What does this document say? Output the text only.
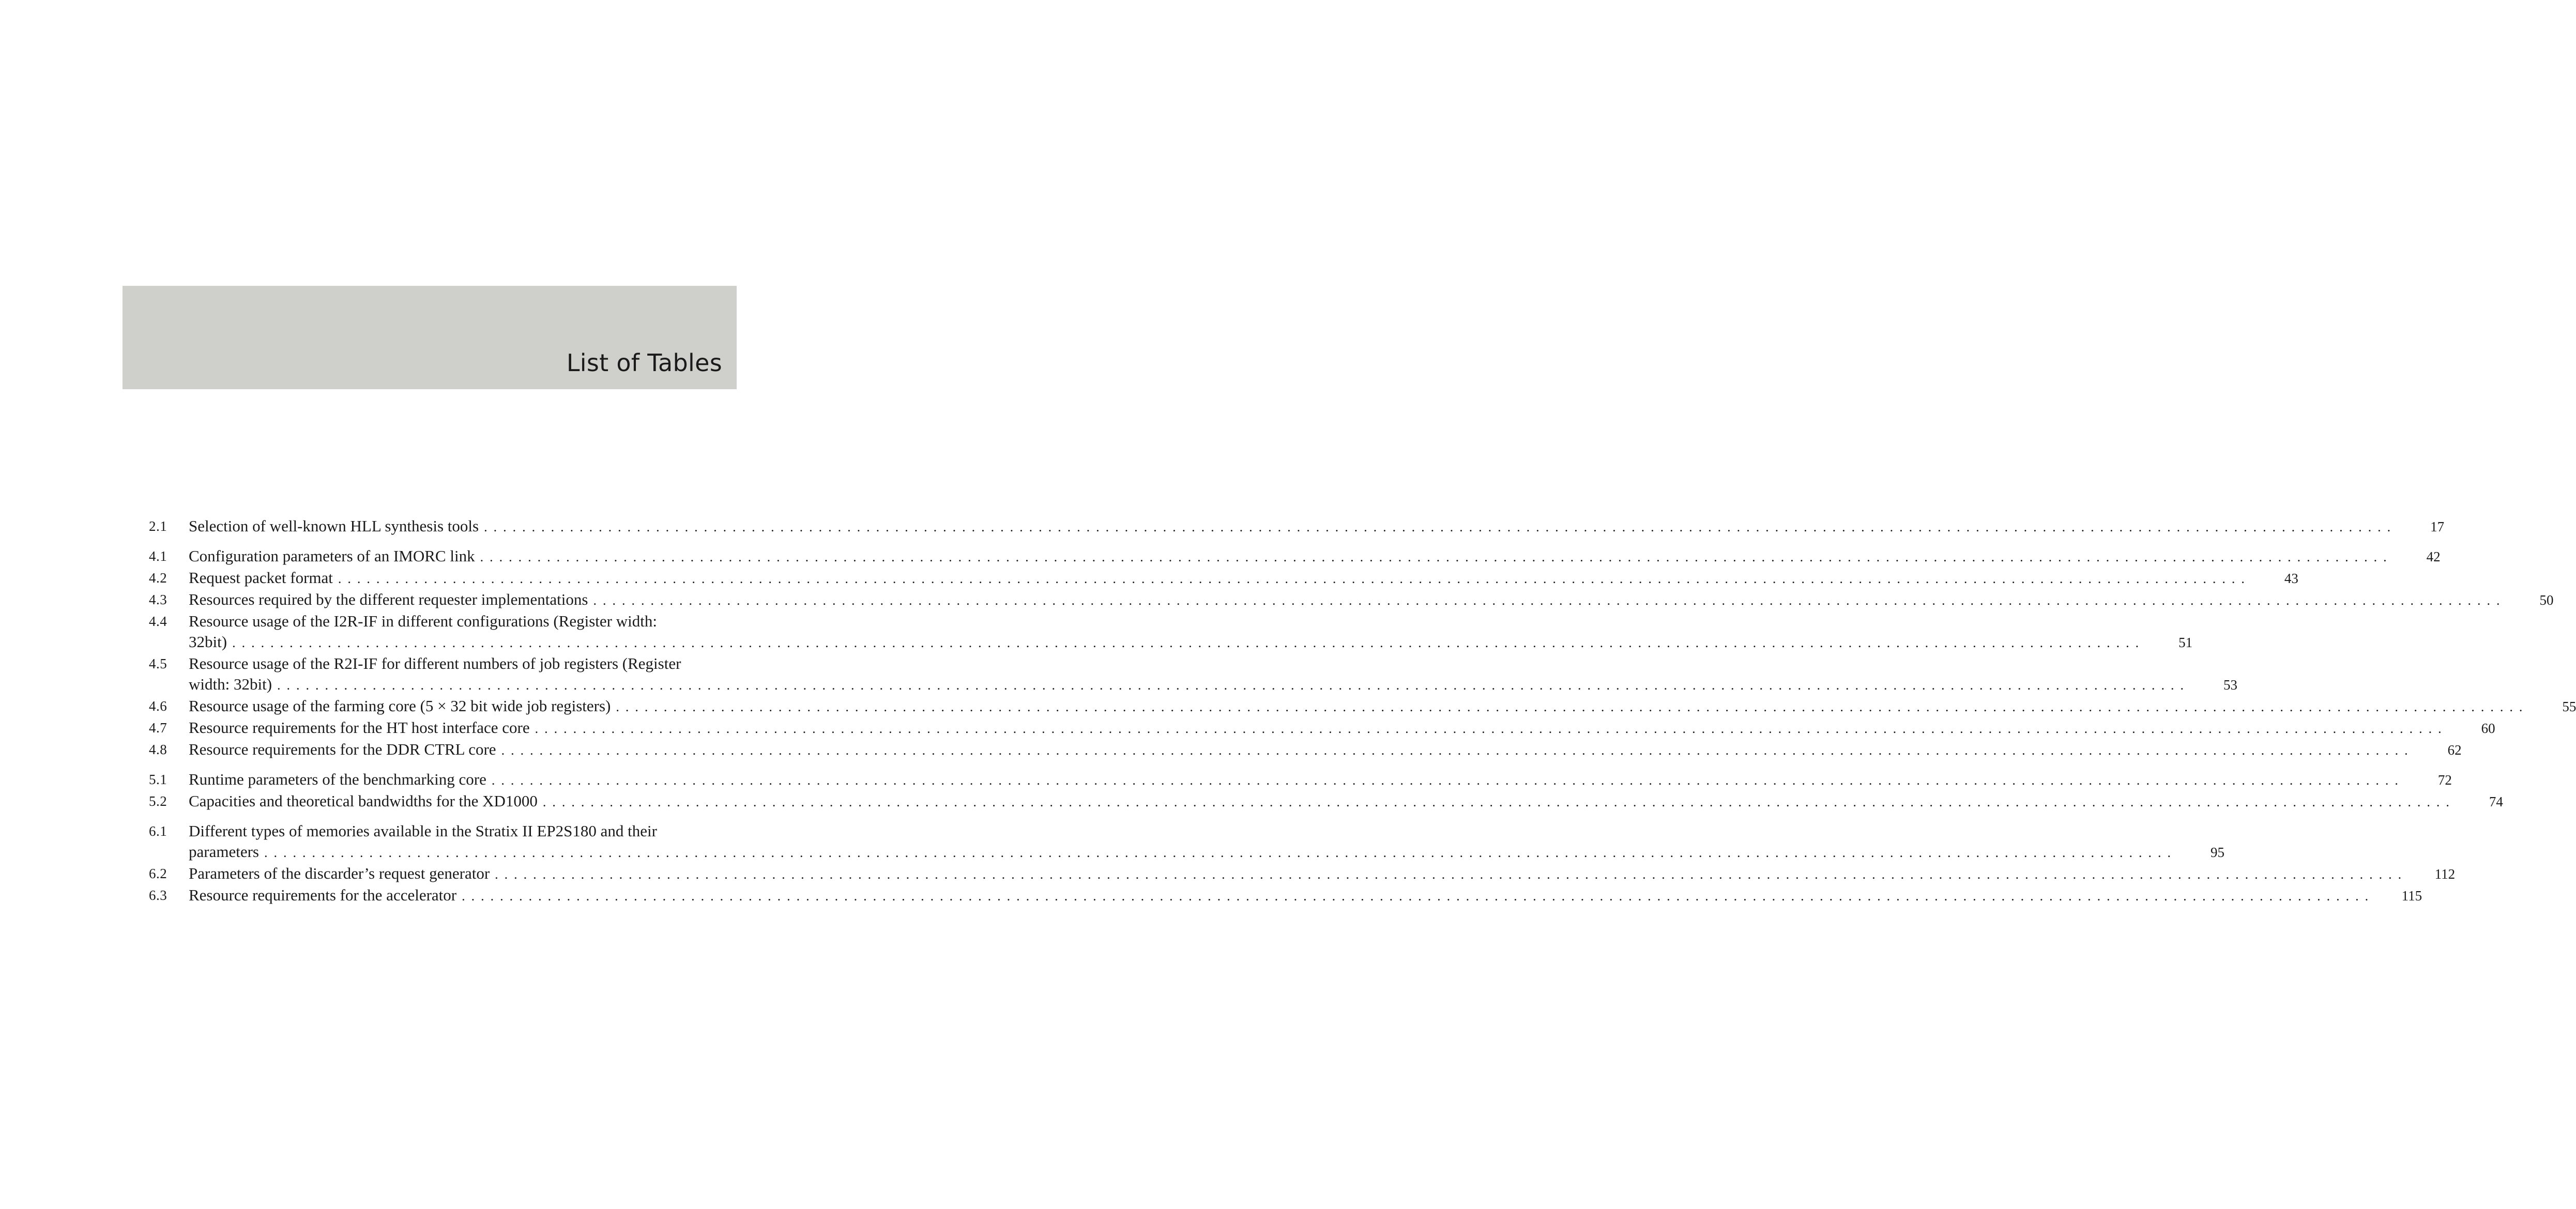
List of Tables
2.1	Selection of well-known HLL synthesis tools ........................................................................................................................................................................................................	17
4.1	Configuration parameters of an IMORC link ........................................................................................................................................................................................................	42
4.2	Request packet format ........................................................................................................................................................................................................	43
4.3	Resources required by the different requester implementations ........................................................................................................................................................................................................	50
4.4	Resource usage of the I2R-IF in different configurations (Register width:
32bit) ........................................................................................................................................................................................................	51
4.5	Resource usage of the R2I-IF for different numbers of job registers (Register
width: 32bit) ........................................................................................................................................................................................................	53
4.6	Resource usage of the farming core (5 × 32 bit wide job registers) ........................................................................................................................................................................................................	55
4.7	Resource requirements for the HT host interface core ........................................................................................................................................................................................................	60
4.8	Resource requirements for the DDR CTRL core ........................................................................................................................................................................................................	62
5.1	Runtime parameters of the benchmarking core ........................................................................................................................................................................................................	72
5.2	Capacities and theoretical bandwidths for the XD1000 ........................................................................................................................................................................................................	74
6.1	Different types of memories available in the Stratix II EP2S180 and their
parameters ........................................................................................................................................................................................................	95
6.2	Parameters of the discarder’s request generator ........................................................................................................................................................................................................	112
6.3	Resource requirements for the accelerator ........................................................................................................................................................................................................	115
